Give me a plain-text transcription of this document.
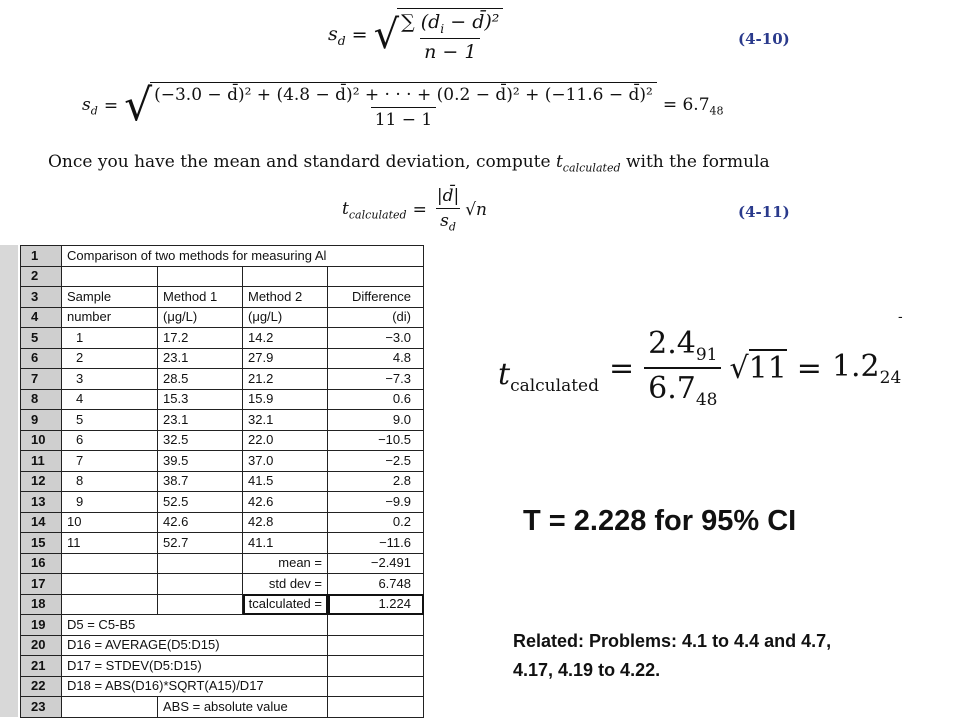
$s_d$ = √
$\frac{\sum (d_i - d̄)^2}{n - 1}$	(4-10)
$s_d$ = √ (−3.0 − d̄)² + (4.8 − d̄)² + · · · + (0.2 − d̄)² + (−11.6 − d̄)²
11 − 1
= $6.7_{48}$
Once you have the mean and standard deviation, compute $t_{calculated}$ with the formula
$t_{calculated} = \frac{|d̄|}{s_d} √n$	(4-11)
1	Comparison of two methods for measuring Al			
2				
3	Sample	Method 1	Method 2	Difference
4	number	(μg/L)	(μg/L)	(di)
5	1	17.2	14.2	−3.0
6	2	23.1	27.9	4.8
7	3	28.5	21.2	−7.3
8	4	15.3	15.9	0.6
9	5	23.1	32.1	9.0
10	6	32.5	22.0	−10.5
11	7	39.5	37.0	−2.5
12	8	38.7	41.5	2.8
13	9	52.5	42.6	−9.9
14	10	42.6	42.8	0.2
15	11	52.7	41.1	−11.6
16			mean =	−2.491
17			std dev =	6.748
18			tcalculated =	1.224
19	D5 = C5-B5			
20	D16 = AVERAGE(D5:D15)			
21	D17 = STDEV(D5:D15)			
22	D18 = ABS(D16)*SQRT(A15)/D17			
23		ABS = absolute value		
$t_{calculated} = \frac{2.4_{91}}{6.7_{48}} √11 = 1.2_{24}$
-
T = 2.228 for 95% CI
Related: Problems: 4.1 to 4.4 and 4.7,
4.17, 4.19 to 4.22.
